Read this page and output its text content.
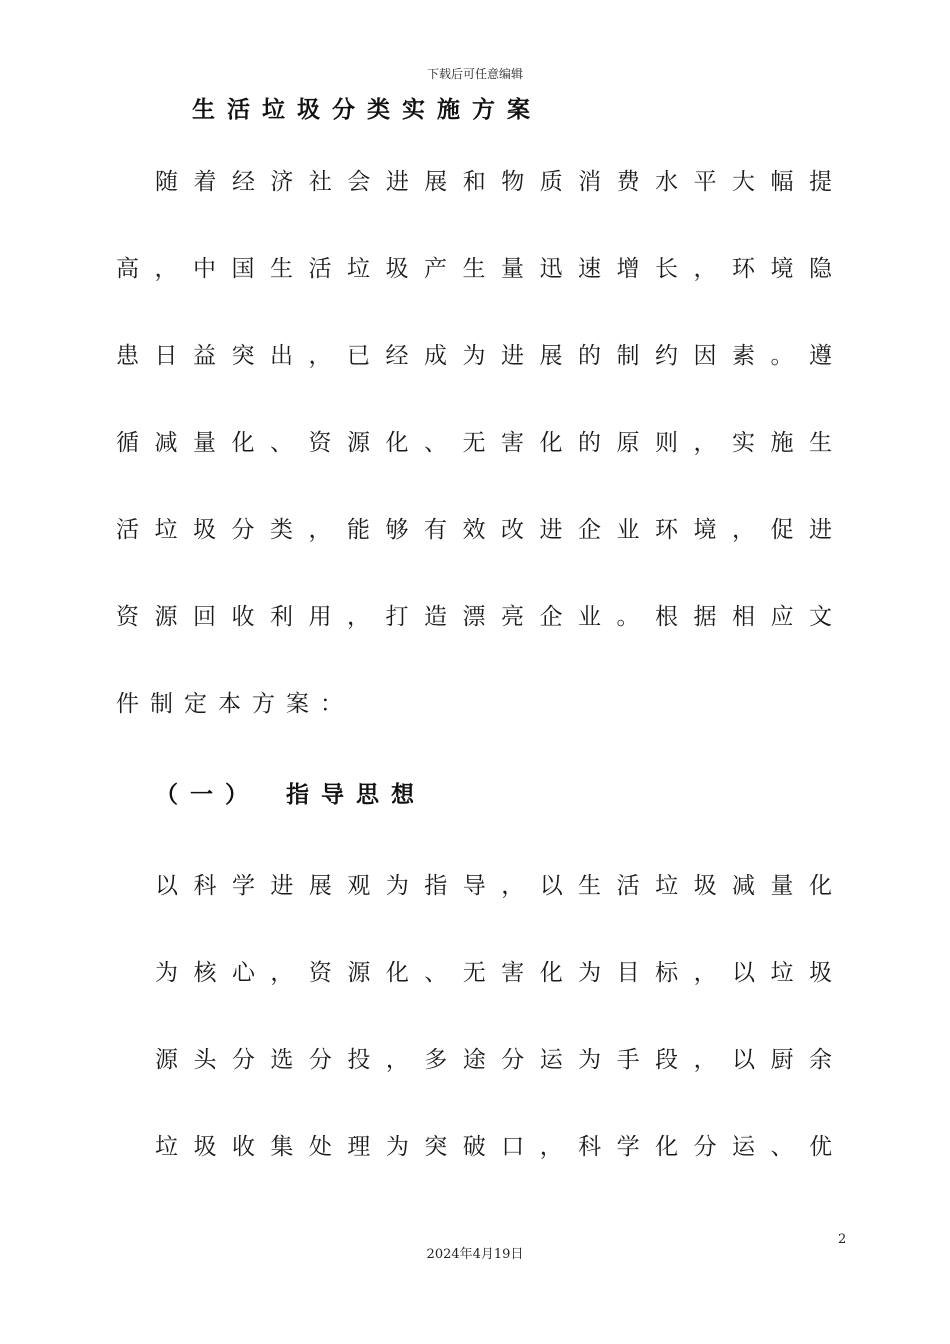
下载后可任意编辑
生活垃圾分类实施方案
随着经济社会进展和物质消费水平大幅提
高，中国生活垃圾产生量迅速增长，环境隐
患日益突出，已经成为进展的制约因素。遵
循减量化、资源化、无害化的原则，实施生
活垃圾分类，能够有效改进企业环境，促进
资源回收利用，打造漂亮企业。根据相应文
件制定本方案：
（一） 指导思想
以科学进展观为指导，以生活垃圾减量化
为核心，资源化、无害化为目标，以垃圾
源头分选分投，多途分运为手段，以厨余
垃圾收集处理为突破口，科学化分运、优
2
2024年4月19日
